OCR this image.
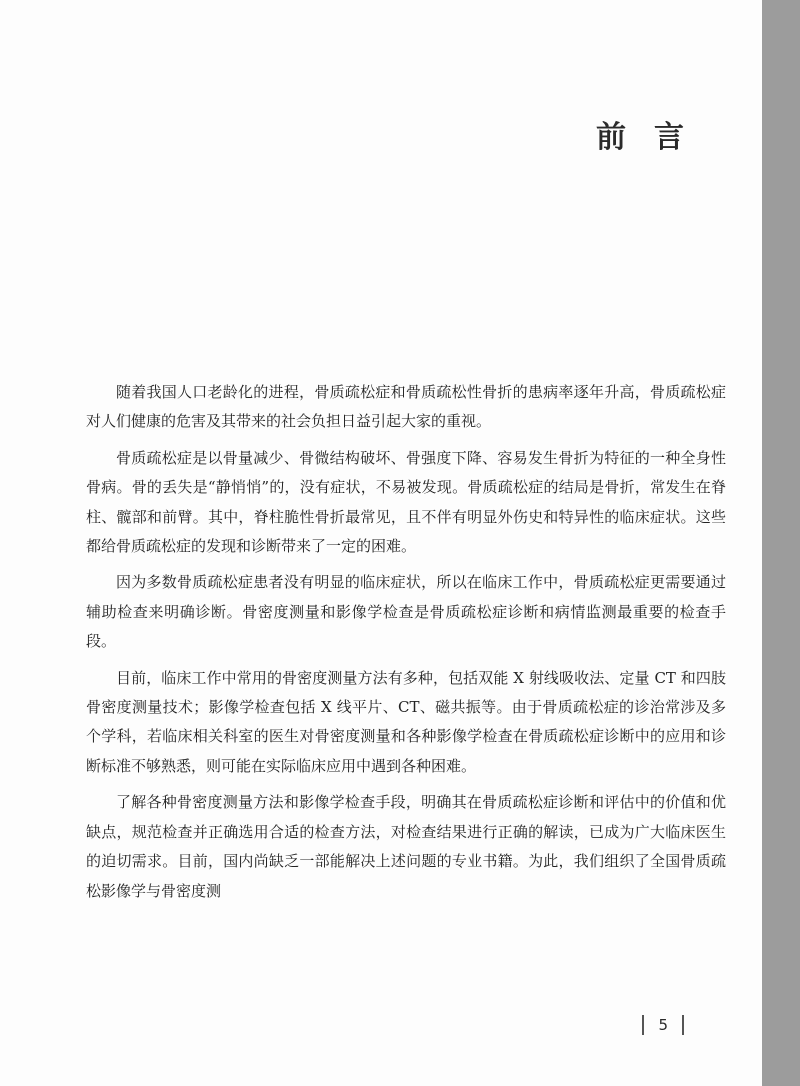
前言

随着我国人口老龄化的进程，骨质疏松症和骨质疏松性骨折的患病率逐年升高，骨质疏松症对人们健康的危害及其带来的社会负担日益引起大家的重视。

骨质疏松症是以骨量减少、骨微结构破坏、骨强度下降、容易发生骨折为特征的一种全身性骨病。骨的丢失是“静悄悄”的，没有症状，不易被发现。骨质疏松症的结局是骨折，常发生在脊柱、髋部和前臂。其中，脊柱脆性骨折最常见，且不伴有明显外伤史和特异性的临床症状。这些都给骨质疏松症的发现和诊断带来了一定的困难。

因为多数骨质疏松症患者没有明显的临床症状，所以在临床工作中，骨质疏松症更需要通过辅助检查来明确诊断。骨密度测量和影像学检查是骨质疏松症诊断和病情监测最重要的检查手段。

目前，临床工作中常用的骨密度测量方法有多种，包括双能 X 射线吸收法、定量 CT 和四肢骨密度测量技术；影像学检查包括 X 线平片、CT、磁共振等。由于骨质疏松症的诊治常涉及多个学科，若临床相关科室的医生对骨密度测量和各种影像学检查在骨质疏松症诊断中的应用和诊断标准不够熟悉，则可能在实际临床应用中遇到各种困难。

了解各种骨密度测量方法和影像学检查手段，明确其在骨质疏松症诊断和评估中的价值和优缺点，规范检查并正确选用合适的检查方法，对检查结果进行正确的解读，已成为广大临床医生的迫切需求。目前，国内尚缺乏一部能解决上述问题的专业书籍。为此，我们组织了全国骨质疏松影像学与骨密度测

5
